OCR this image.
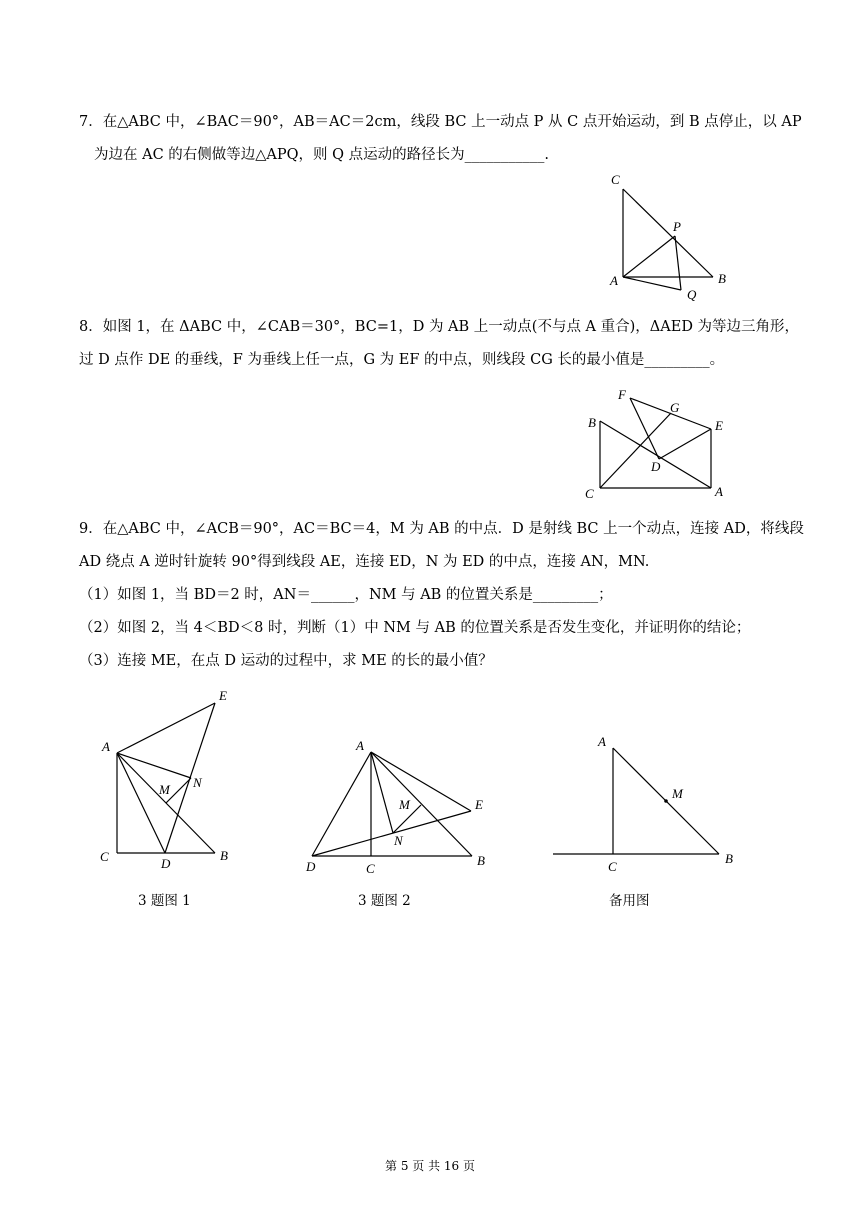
7．在△ABC 中，∠BAC＝90°，AB＝AC＝2cm，线段 BC 上一动点 P 从 C 点开始运动，到 B 点停止，以 AP
为边在 AC 的右侧做等边△APQ，则 Q 点运动的路径长为___________.
C
P
A	B
Q
8．如图 1，在 ΔABC 中，∠CAB＝30°，BC=1，D 为 AB 上一动点(不与点 A 重合)，ΔAED 为等边三角形，
过 D 点作 DE 的垂线，F 为垂线上任一点，G 为 EF 的中点，则线段 CG 长的最小值是_________。
F
G
B	E
D
C	A
9．在△ABC 中，∠ACB＝90°，AC＝BC＝4，M 为 AB 的中点．D 是射线 BC 上一个动点，连接 AD，将线段
AD 绕点 A 逆时针旋转 90°得到线段 AE，连接 ED，N 为 ED 的中点，连接 AN，MN.
（1）如图 1，当 BD＝2 时，AN＝______，NM 与 AB 的位置关系是_________；
（2）如图 2，当 4＜BD＜8 时，判断（1）中 NM 与 AB 的位置关系是否发生变化，并证明你的结论；
（3）连接 ME，在点 D 运动的过程中，求 ME 的长的最小值？
E
A
M N
C	D
B
A
M	E
N
D	C
B
A
M
C
B
3 题图 1	3 题图 2	备用图
第 5 页 共 16 页
